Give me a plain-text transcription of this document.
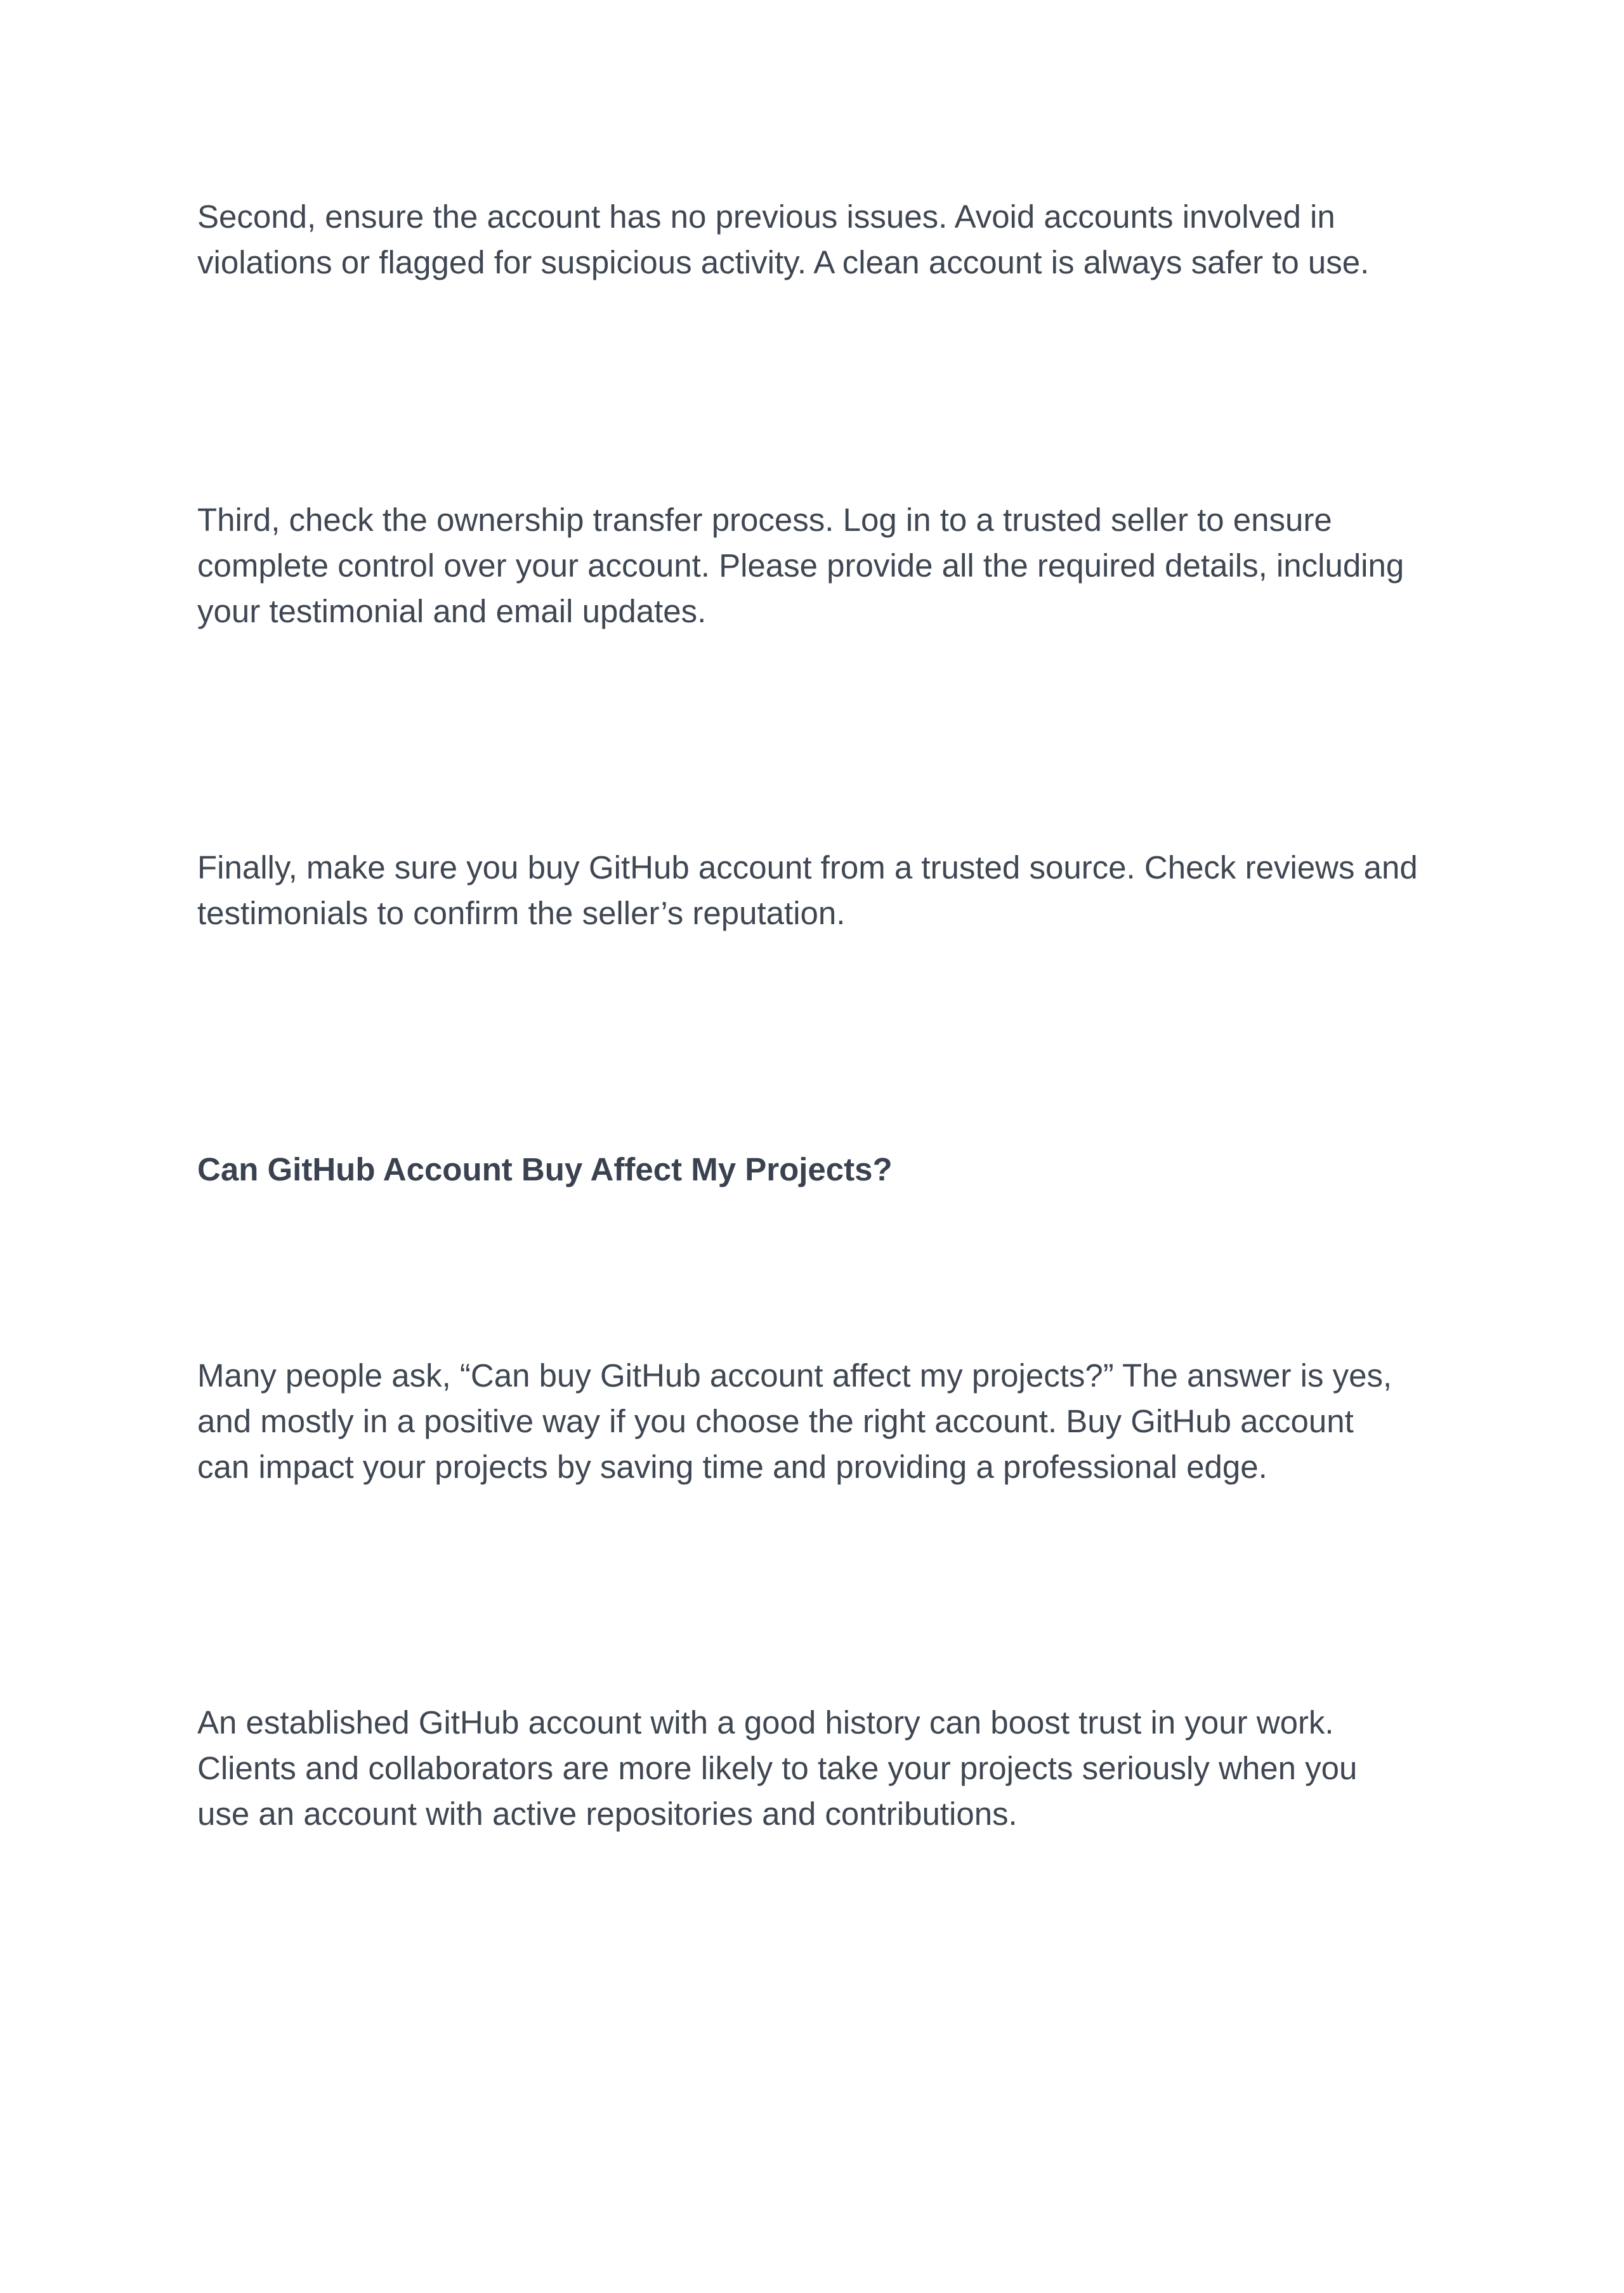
Second, ensure the account has no previous issues. Avoid accounts involved in
violations or flagged for suspicious activity. A clean account is always safer to use.

Third, check the ownership transfer process. Log in to a trusted seller to ensure
complete control over your account. Please provide all the required details, including
your testimonial and email updates.

Finally, make sure you buy GitHub account from a trusted source. Check reviews and
testimonials to confirm the seller’s reputation.

Can GitHub Account Buy Affect My Projects?

Many people ask, “Can buy GitHub account affect my projects?” The answer is yes,
and mostly in a positive way if you choose the right account. Buy GitHub account
can impact your projects by saving time and providing a professional edge.

An established GitHub account with a good history can boost trust in your work.
Clients and collaborators are more likely to take your projects seriously when you
use an account with active repositories and contributions.
